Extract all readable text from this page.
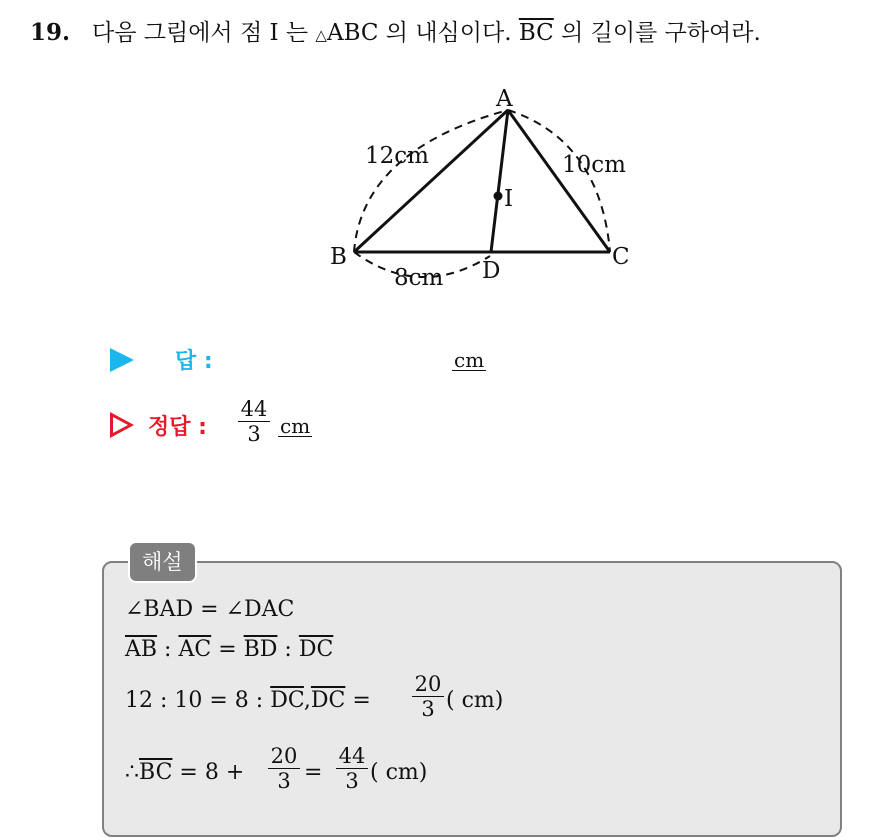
19. 다음 그림에서 점 I 는 △ABC 의 내심이다. $\overline{BC}$ 의 길이를 구하여라.
A
B	C
D
I
12cm	10cm
8cm
답 :	cm
정답 :
44
3 cm
해설
∠BAD = ∠DAC
$\overline{AB}$ : $\overline{AC} = \overline{BD}$ : $\overline{DC}$
12 : 10 = 8 : $\overline{DC},\overline{DC}$ =
20
3 ( cm)
$\therefore\overline{BC} = 8$ +
20
3 =
44
3 ( cm)
